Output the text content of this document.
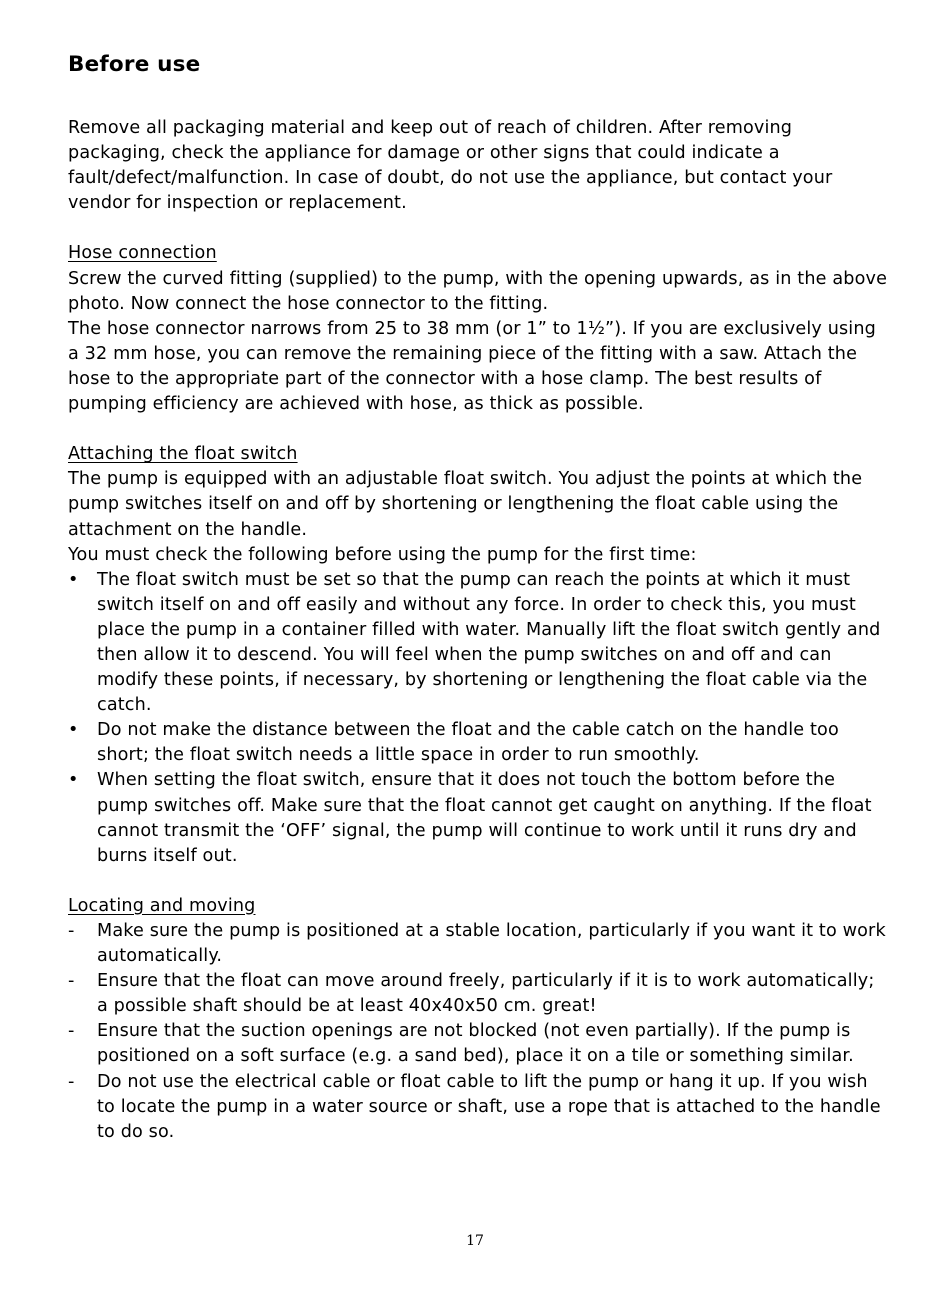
Before use

Remove all packaging material and keep out of reach of children. After removing packaging, check the appliance for damage or other signs that could indicate a fault/defect/malfunction. In case of doubt, do not use the appliance, but contact your vendor for inspection or replacement.

Hose connection

Screw the curved fitting (supplied) to the pump, with the opening upwards, as in the above photo. Now connect the hose connector to the fitting.

The hose connector narrows from 25 to 38 mm (or 1” to 1½”). If you are exclusively using a 32 mm hose, you can remove the remaining piece of the fitting with a saw. Attach the hose to the appropriate part of the connector with a hose clamp. The best results of pumping efficiency are achieved with hose, as thick as possible.

Attaching the float switch

The pump is equipped with an adjustable float switch. You adjust the points at which the pump switches itself on and off by shortening or lengthening the float cable using the attachment on the handle.

You must check the following before using the pump for the first time:

•	The float switch must be set so that the pump can reach the points at which it must switch itself on and off easily and without any force. In order to check this, you must place the pump in a container filled with water. Manually lift the float switch gently and then allow it to descend. You will feel when the pump switches on and off and can modify these points, if necessary, by shortening or lengthening the float cable via the catch.
•	Do not make the distance between the float and the cable catch on the handle too short; the float switch needs a little space in order to run smoothly.
•	When setting the float switch, ensure that it does not touch the bottom before the pump switches off. Make sure that the float cannot get caught on anything. If the float cannot transmit the ‘OFF’ signal, the pump will continue to work until it runs dry and burns itself out.

Locating and moving

-	Make sure the pump is positioned at a stable location, particularly if you want it to work automatically.
-	Ensure that the float can move around freely, particularly if it is to work automatically; a possible shaft should be at least 40x40x50 cm. great!
-	Ensure that the suction openings are not blocked (not even partially). If the pump is positioned on a soft surface (e.g. a sand bed), place it on a tile or something similar.
-	Do not use the electrical cable or float cable to lift the pump or hang it up. If you wish to locate the pump in a water source or shaft, use a rope that is attached to the handle to do so.
17
